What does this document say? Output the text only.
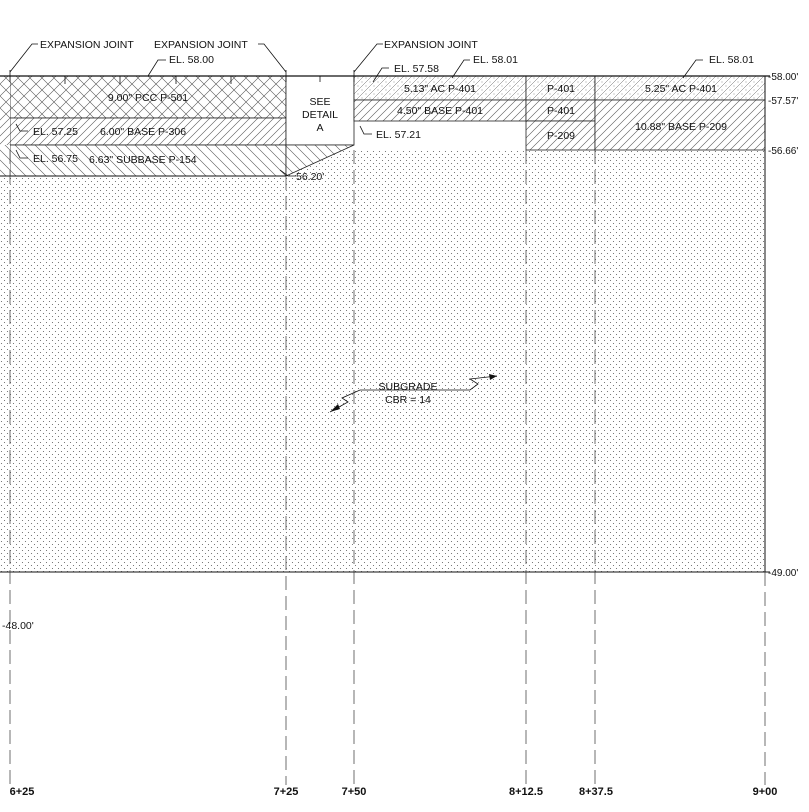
EXPANSION JOINT EXPANSION JOINT	EXPANSION JOINT
EL. 58.00
EL. 57.58
EL. 58.01	EL. 58.01
EL. 57.25
EL. 56.75
EL. 57.21
56.20'
-48.00'
SEE
DETAIL
A
SUBGRADE
CBR = 14
9.00" PCC P-501
6.00" BASE P-306
6.63" SUBBASE P-154
5.13" AC P-401
4.50" BASE P-401
P-401
P-401
P-209
5.25" AC P-401
10.88" BASE P-209
-58.00'
-57.57'
-56.66'
-49.00'
6+25	7+25	7+50	8+12.5	8+37.5	9+00
